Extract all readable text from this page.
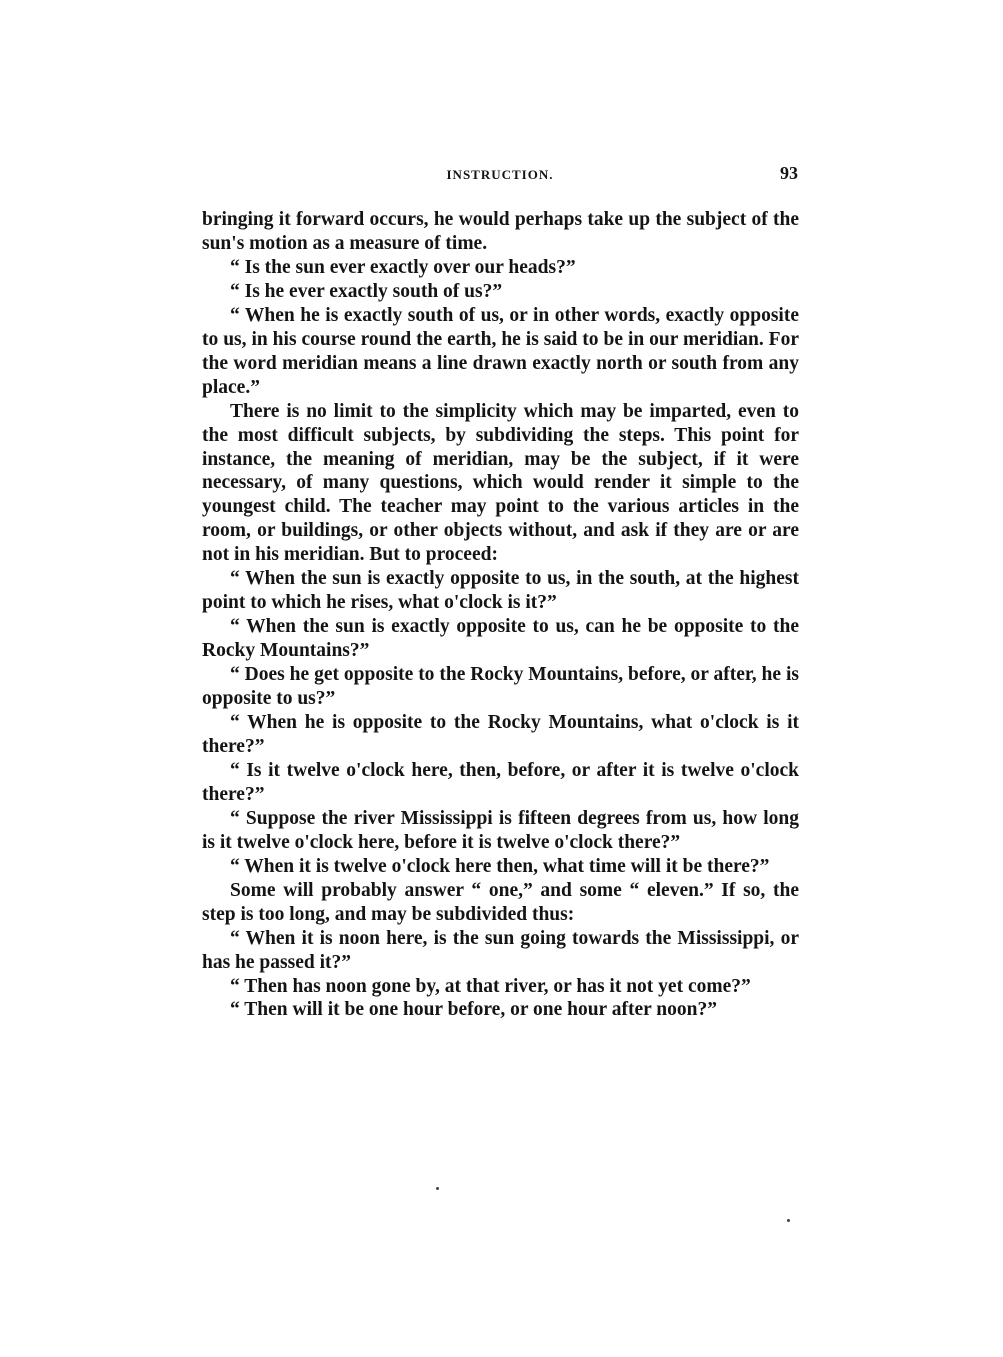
INSTRUCTION.	93

bringing it forward occurs, he would perhaps take up the subject of the sun's motion as a measure of time.

“ Is the sun ever exactly over our heads?”

“ Is he ever exactly south of us?”

“ When he is exactly south of us, or in other words, exactly opposite to us, in his course round the earth, he is said to be in our meridian. For the word meridian means a line drawn exactly north or south from any place.”

There is no limit to the simplicity which may be imparted, even to the most difficult subjects, by subdividing the steps. This point for instance, the meaning of meridian, may be the subject, if it were necessary, of many questions, which would render it simple to the youngest child. The teacher may point to the various articles in the room, or buildings, or other objects without, and ask if they are or are not in his meridian. But to proceed:

“ When the sun is exactly opposite to us, in the south, at the highest point to which he rises, what o'clock is it?”

“ When the sun is exactly opposite to us, can he be opposite to the Rocky Mountains?”

“ Does he get opposite to the Rocky Mountains, before, or after, he is opposite to us?”

“ When he is opposite to the Rocky Mountains, what o'clock is it there?”

“ Is it twelve o'clock here, then, before, or after it is twelve o'clock there?”

“ Suppose the river Mississippi is fifteen degrees from us, how long is it twelve o'clock here, before it is twelve o'clock there?”

“ When it is twelve o'clock here then, what time will it be there?”

Some will probably answer “ one,” and some “ eleven.” If so, the step is too long, and may be subdivided thus:

“ When it is noon here, is the sun going towards the Mississippi, or has he passed it?”

“ Then has noon gone by, at that river, or has it not yet come?”

“ Then will it be one hour before, or one hour after noon?”
